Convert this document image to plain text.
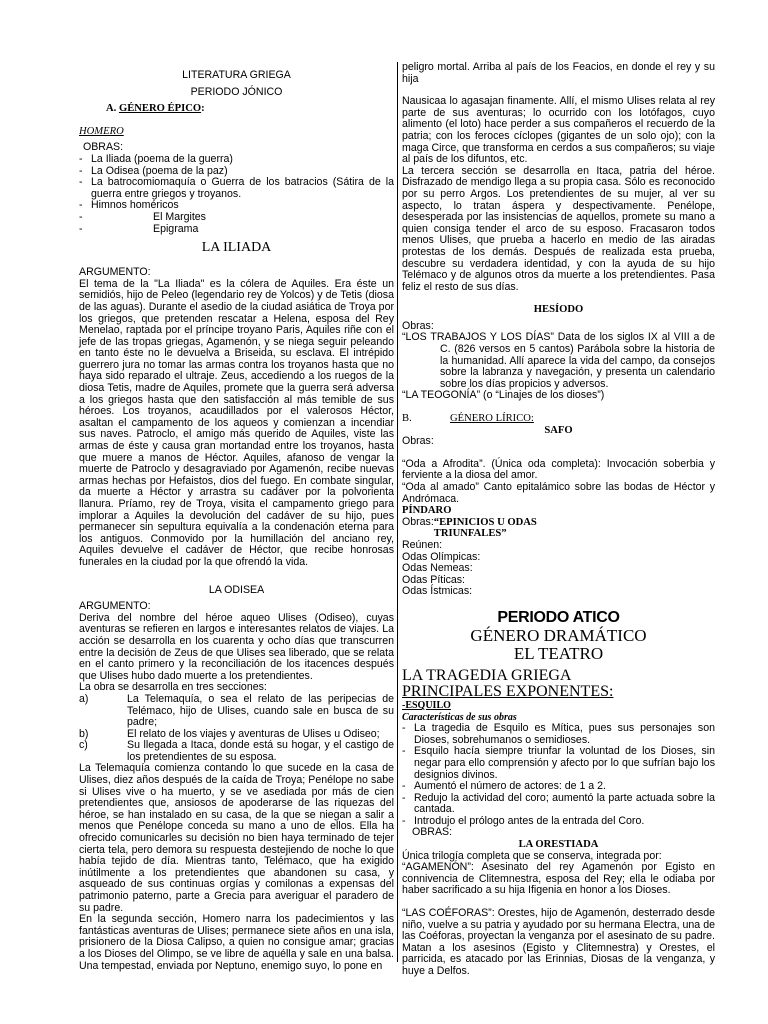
LITERATURA GRIEGA

PERIODO JÓNICO

A. GÉNERO ÉPICO:

HOMERO

OBRAS:

- La Iliada (poema de la guerra)
- La Odisea (poema de la paz)
- La batrocomiomaquía o Guerra de los batracios (Sátira de la guerra entre griegos y troyanos.
- Himnos homéricos
-	El Margites
-	Epigrama

LA ILIADA

ARGUMENTO:

El tema de la "La Iliada" es la cólera de Aquiles. Era éste un semidiós, hijo de Peleo (legendario rey de Yolcos) y de Tetis (diosa de las aguas). Durante el asedio de la ciudad asiática de Troya por los griegos, que pretenden rescatar a Helena, esposa del Rey Menelao, raptada por el príncipe troyano Paris, Aquiles riñe con el jefe de las tropas griegas, Agamenón, y se niega seguir peleando en tanto éste no le devuelva a Briseida, su esclava. El intrépido guerrero jura no tomar las armas contra los troyanos hasta que no haya sido reparado el ultraje. Zeus, accediendo a los ruegos de la diosa Tetis, madre de Aquiles, promete que la guerra será adversa a los griegos hasta que den satisfacción al más temible de sus héroes. Los troyanos, acaudillados por el valerosos Héctor, asaltan el campamento de los aqueos y comienzan a incendiar sus naves. Patroclo, el amigo más querido de Aquiles, viste las armas de éste y causa gran mortandad entre los troyanos, hasta que muere a manos de Héctor. Aquiles, afanoso de vengar la muerte de Patroclo y desagraviado por Agamenón, recibe nuevas armas hechas por Hefaistos, dios del fuego. En combate singular, da muerte a Héctor y arrastra su cadáver por la polvorienta llanura. Príamo, rey de Troya, visita el campamento griego para implorar a Aquiles la devolución del cadáver de su hijo, pues permanecer sin sepultura equivalía a la condenación eterna para los antiguos. Conmovido por la humillación del anciano rey, Aquiles devuelve el cadáver de Héctor, que recibe honrosas funerales en la ciudad por la que ofrendó la vida.

LA ODISEA

ARGUMENTO:

Deriva del nombre del héroe aqueo Ulises (Odiseo), cuyas aventuras se refieren en largos e interesantes relatos de viajes. La acción se desarrolla en los cuarenta y ocho días que transcurren entre la decisión de Zeus de que Ulises sea liberado, que se relata en el canto primero y la reconciliación de los itacences después que Ulises hubo dado muerte a los pretendientes.

La obra se desarrolla en tres secciones:

a)	La Telemaquía, o sea el relato de las peripecias de Telémaco, hijo de Ulises, cuando sale en busca de su padre;
b)	El relato de los viajes y aventuras de Ulises u Odiseo;
c)	Su llegada a Itaca, donde está su hogar, y el castigo de los pretendientes de su esposa.

La Telemaquía comienza contando lo que sucede en la casa de Ulises, diez años después de la caída de Troya; Penélope no sabe si Ulises vive o ha muerto, y se ve asediada por más de cien pretendientes que, ansiosos de apoderarse de las riquezas del héroe, se han instalado en su casa, de la que se niegan a salir a menos que Penélope conceda su mano a uno de ellos. Ella ha ofrecido comunicarles su decisión no bien haya terminado de tejer cierta tela, pero demora su respuesta destejiendo de noche lo que había tejido de día. Mientras tanto, Telémaco, que ha exigido inútilmente a los pretendientes que abandonen su casa, y asqueado de sus continuas orgías y comilonas a expensas del patrimonio paterno, parte a Grecia para averiguar el paradero de su padre.

En la segunda sección, Homero narra los padecimientos y las fantásticas aventuras de Ulises; permanece siete años en una isla, prisionero de la Diosa Calipso, a quien no consigue amar; gracias a los Dioses del Olimpo, se ve libre de aquélla y sale en una balsa. Una tempestad, enviada por Neptuno, enemigo suyo, lo pone en

peligro mortal. Arriba al país de los Feacios, en donde el rey y su hija

Nausicaa lo agasajan finamente. Allí, el mismo Ulises relata al rey parte de sus aventuras; lo ocurrido con los lotófagos, cuyo alimento (el loto) hace perder a sus compañeros el recuerdo de la patria; con los feroces cíclopes (gigantes de un solo ojo); con la maga Circe, que transforma en cerdos a sus compañeros; su viaje al país de los difuntos, etc.

La tercera sección se desarrolla en Itaca, patria del héroe. Disfrazado de mendigo llega a su propia casa. Sólo es reconocido por su perro Argos. Los pretendientes de su mujer, al ver su aspecto, lo tratan áspera y despectivamente. Penélope, desesperada por las insistencias de aquellos, promete su mano a quien consiga tender el arco de su esposo. Fracasaron todos menos Ulises, que prueba a hacerlo en medio de las airadas protestas de los demás. Después de realizada esta prueba, descubre su verdadera identidad, y con la ayuda de su hijo Telémaco y de algunos otros da muerte a los pretendientes. Pasa feliz el resto de sus días.

HESÍODO

Obras:

“LOS TRABAJOS Y LOS DÍAS” Data de los siglos IX al VIII a de C. (826 versos en 5 cantos) Parábola sobre la historia de la humanidad. Allí aparece la vida del campo, da consejos sobre la labranza y navegación, y presenta un calendario sobre los días propicios y adversos.

“LA TEOGONÍA” (o “Linajes de los dioses”)

B.	GÉNERO LÍRICO:

SAFO

Obras:

“Oda a Afrodita”. (Única oda completa): Invocación soberbia y ferviente a la diosa del amor.

“Oda al amado” Canto epitalámico sobre las bodas de Héctor y Andrómaca.

PÍNDARO

Obras:“EPINICIOS U ODAS TRIUNFALES”

Reúnen:

Odas Olímpicas:

Odas Nemeas:

Odas Píticas:

Odas Ístmicas:

PERIODO ATICO

GÉNERO DRAMÁTICO

EL TEATRO

LA TRAGEDIA GRIEGA

PRINCIPALES EXPONENTES:

-ESQUILO

Características de sus obras

- La tragedia de Esquilo es Mítica, pues sus personajes son Dioses, sobrehumanos o semidioses.
- Esquilo hacía siempre triunfar la voluntad de los Dioses, sin negar para ello comprensión y afecto por lo que sufrían bajo los designios divinos.
- Aumentó el número de actores: de 1 a 2.
- Redujo la actividad del coro; aumentó la parte actuada sobre la cantada.
- Introdujo el prólogo antes de la entrada del Coro.

OBRAS:

LA ORESTIADA

Única trilogía completa que se conserva, integrada por:

“AGAMENÓN”: Asesinato del rey Agamenón por Egisto en connivencia de Clitemnestra, esposa del Rey; ella le odiaba por haber sacrificado a su hija Ifigenia en honor a los Dioses.

“LAS COÉFORAS”: Orestes, hijo de Agamenón, desterrado desde niño, vuelve a su patria y ayudado por su hermana Electra, una de las Coéforas, proyectan la venganza por el asesinato de su padre. Matan a los asesinos (Egisto y Clitemnestra) y Orestes, el parricida, es atacado por las Erinnias, Diosas de la venganza, y huye a Delfos.
